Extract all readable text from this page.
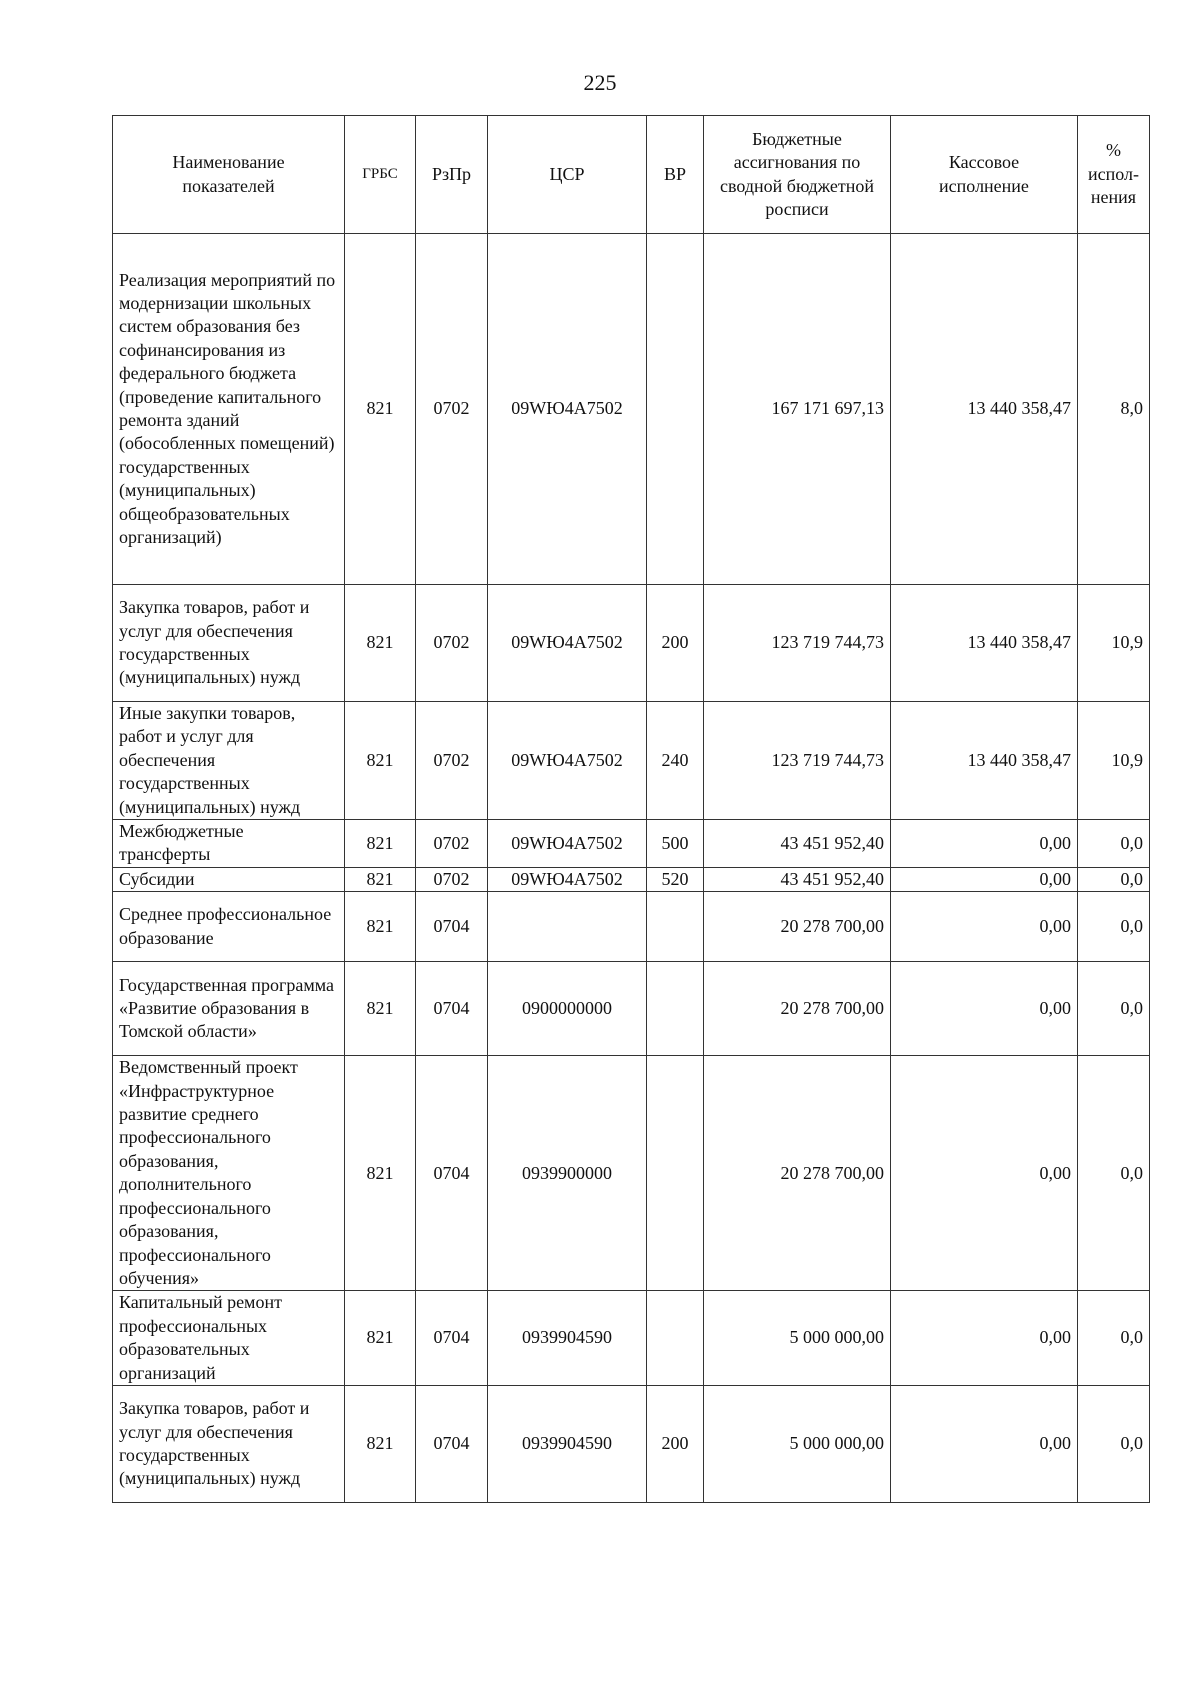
225
Наименование показателей	ГРБС	РзПр	ЦСР	ВР	Бюджетные ассигнования по сводной бюджетной росписи	Кассовое исполнение	% испол- нения
Реализация мероприятий по модернизации школьных систем образования без софинансирования из федерального бюджета (проведение капитального ремонта зданий (обособленных помещений) государственных (муниципальных) общеобразовательных организаций)	821	0702	09WЮ4A7502		167 171 697,13	13 440 358,47	8,0
Закупка товаров, работ и услуг для обеспечения государственных (муниципальных) нужд	821	0702	09WЮ4A7502	200	123 719 744,73	13 440 358,47	10,9
Иные закупки товаров, работ и услуг для обеспечения государственных (муниципальных) нужд	821	0702	09WЮ4A7502	240	123 719 744,73	13 440 358,47	10,9
Межбюджетные трансферты	821	0702	09WЮ4A7502	500	43 451 952,40	0,00	0,0
Субсидии	821	0702	09WЮ4A7502	520	43 451 952,40	0,00	0,0
Среднее профессиональное образование	821	0704			20 278 700,00	0,00	0,0
Государственная программа «Развитие образования в Томской области»	821	0704	0900000000		20 278 700,00	0,00	0,0
Ведомственный проект «Инфраструктурное развитие среднего профессионального образования, дополнительного профессионального образования, профессионального обучения»	821	0704	0939900000		20 278 700,00	0,00	0,0
Капитальный ремонт профессиональных образовательных организаций	821	0704	0939904590		5 000 000,00	0,00	0,0
Закупка товаров, работ и услуг для обеспечения государственных (муниципальных) нужд	821	0704	0939904590	200	5 000 000,00	0,00	0,0
